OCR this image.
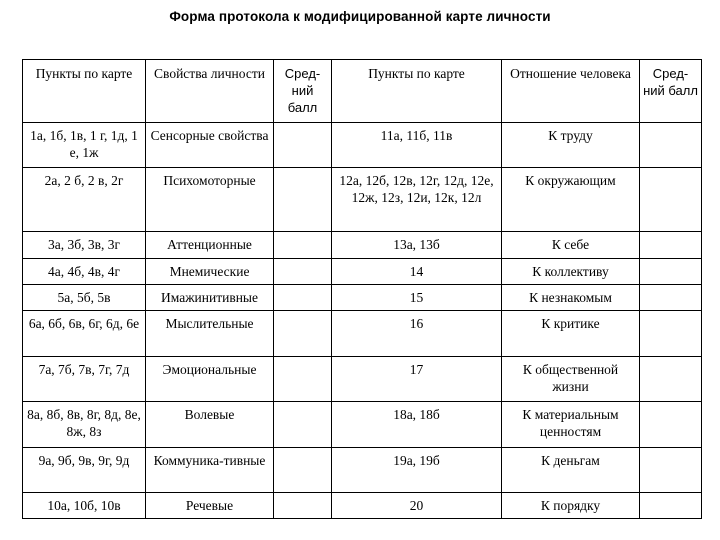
Форма протокола к модифицированной карте личности
Пункты по карте	Свойства личности	Сред-ний балл	Пункты по карте	Отношение человека	Сред-ний балл
1а, 1б, 1в, 1 г, 1д, 1 е, 1ж	Сенсорные свойства		11а, 11б, 11в	К труду	
2а, 2 б, 2 в, 2г	Психомоторные		12а, 12б, 12в, 12г, 12д, 12е, 12ж, 12з, 12и, 12к, 12л	К окружающим	
3а, 3б, 3в, 3г	Аттенционные		13а, 13б	К себе	
4а, 4б, 4в, 4г	Мнемические		14	К коллективу	
5а, 5б, 5в	Имажинитивные		15	К незнакомым	
6а, 6б, 6в, 6г, 6д, 6е	Мыслительные		16	К критике	
7а, 7б, 7в, 7г, 7д	Эмоциональные		17	К общественной жизни	
8а, 8б, 8в, 8г, 8д, 8е, 8ж, 8з	Волевые		18а, 18б	К материальным ценностям	
9а, 9б, 9в, 9г, 9д	Коммуника-тивные		19а, 19б	К деньгам	
10а, 10б, 10в	Речевые		20	К порядку	
